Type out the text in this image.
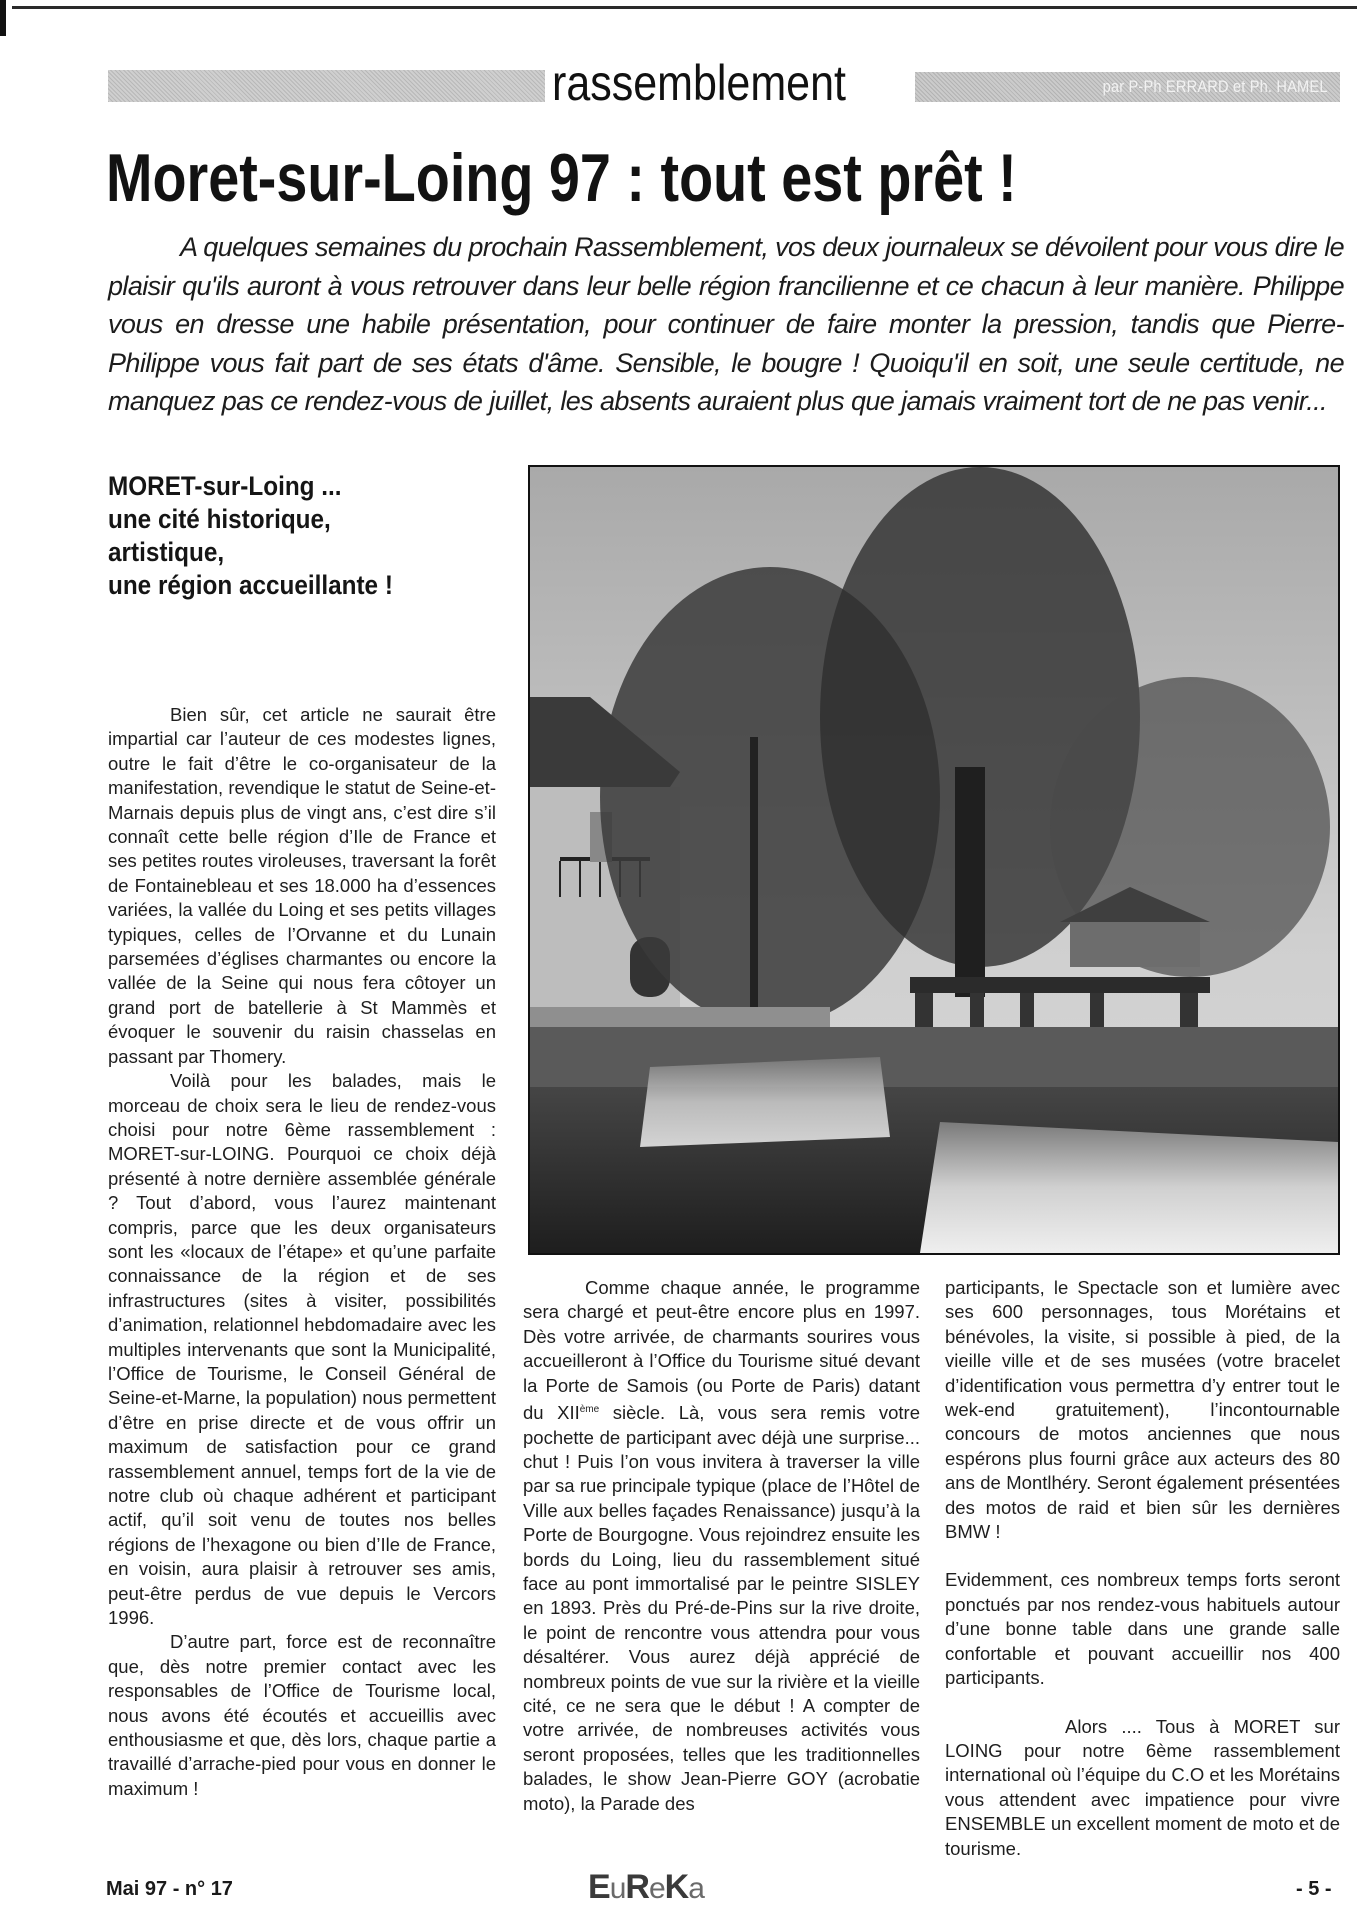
rassemblement	par P-Ph ERRARD et Ph. HAMEL
Moret-sur-Loing 97 : tout est prêt !
A quelques semaines du prochain Rassemblement, vos deux journaleux se dévoilent pour vous dire le plaisir qu'ils auront à vous retrouver dans leur belle région francilienne et ce chacun à leur manière. Philippe vous en dresse une habile présentation, pour continuer de faire monter la pression, tandis que Pierre-Philippe vous fait part de ses états d'âme. Sensible, le bougre ! Quoiqu'il en soit, une seule certitude, ne manquez pas ce rendez-vous de juillet, les absents auraient plus que jamais vraiment tort de ne pas venir...
MORET-sur-Loing ...
une cité historique,
artistique,
une région accueillante !

Bien sûr, cet article ne saurait être impartial car l’auteur de ces modestes lignes, outre le fait d’être le co-organisateur de la manifestation, revendique le statut de Seine-et-Marnais depuis plus de vingt ans, c’est dire s’il connaît cette belle région d’Ile de France et ses petites routes viroleuses, traversant la forêt de Fontainebleau et ses 18.000 ha d’essences variées, la vallée du Loing et ses petits villages typiques, celles de l’Orvanne et du Lunain parsemées d’églises charmantes ou encore la vallée de la Seine qui nous fera côtoyer un grand port de batellerie à St Mammès et évoquer le souvenir du raisin chasselas en passant par Thomery.

Voilà pour les balades, mais le morceau de choix sera le lieu de rendez-vous choisi pour notre 6ème rassemblement : MORET-sur-LOING. Pourquoi ce choix déjà présenté à notre dernière assemblée générale ? Tout d’abord, vous l’aurez maintenant compris, parce que les deux organisateurs sont les «locaux de l’étape» et qu’une parfaite connaissance de la région et de ses infrastructures (sites à visiter, possibilités d’animation, relationnel hebdomadaire avec les multiples intervenants que sont la Municipalité, l’Office de Tourisme, le Conseil Général de Seine-et-Marne, la population) nous permettent d’être en prise directe et de vous offrir un maximum de satisfaction pour ce grand rassemblement annuel, temps fort de la vie de notre club où chaque adhérent et participant actif, qu’il soit venu de toutes nos belles régions de l’hexagone ou bien d’Ile de France, en voisin, aura plaisir à retrouver ses amis, peut-être perdus de vue depuis le Vercors 1996.

D’autre part, force est de reconnaître que, dès notre premier contact avec les responsables de l’Office de Tourisme local, nous avons été écoutés et accueillis avec enthousiasme et que, dès lors, chaque partie a travaillé d’arrache-pied pour vous en donner le maximum !

Comme chaque année, le programme sera chargé et peut-être encore plus en 1997. Dès votre arrivée, de charmants sourires vous accueilleront à l’Office du Tourisme situé devant la Porte de Samois (ou Porte de Paris) datant du XIIème siècle. Là, vous sera remis votre pochette de participant avec déjà une surprise... chut ! Puis l’on vous invitera à traverser la ville par sa rue principale typique (place de l’Hôtel de Ville aux belles façades Renaissance) jusqu’à la Porte de Bourgogne. Vous rejoindrez ensuite les bords du Loing, lieu du rassemblement situé face au pont immortalisé par le peintre SISLEY en 1893. Près du Pré-de-Pins sur la rive droite, le point de rencontre vous attendra pour vous désaltérer. Vous aurez déjà apprécié de nombreux points de vue sur la rivière et la vieille cité, ce ne sera que le début ! A compter de votre arrivée, de nombreuses activités vous seront proposées, telles que les traditionnelles balades, le show Jean-Pierre GOY (acrobatie moto), la Parade des

participants, le Spectacle son et lumière avec ses 600 personnages, tous Morétains et bénévoles, la visite, si possible à pied, de la vieille ville et de ses musées (votre bracelet d’identification vous permettra d’y entrer tout le wek-end gratuitement), l’incontournable concours de motos anciennes que nous espérons plus fourni grâce aux acteurs des 80 ans de Montlhéry. Seront également présentées des motos de raid et bien sûr les dernières BMW !

Evidemment, ces nombreux temps forts seront ponctués par nos rendez-vous habituels autour d’une bonne table dans une grande salle confortable et pouvant accueillir nos 400 participants.

Alors .... Tous à MORET sur LOING pour notre 6ème rassemblement international où l’équipe du C.O et les Morétains vous attendent avec impatience pour vivre ENSEMBLE un excellent moment de moto et de tourisme.

Mai 97 - n° 17	EuReKa	- 5 -
